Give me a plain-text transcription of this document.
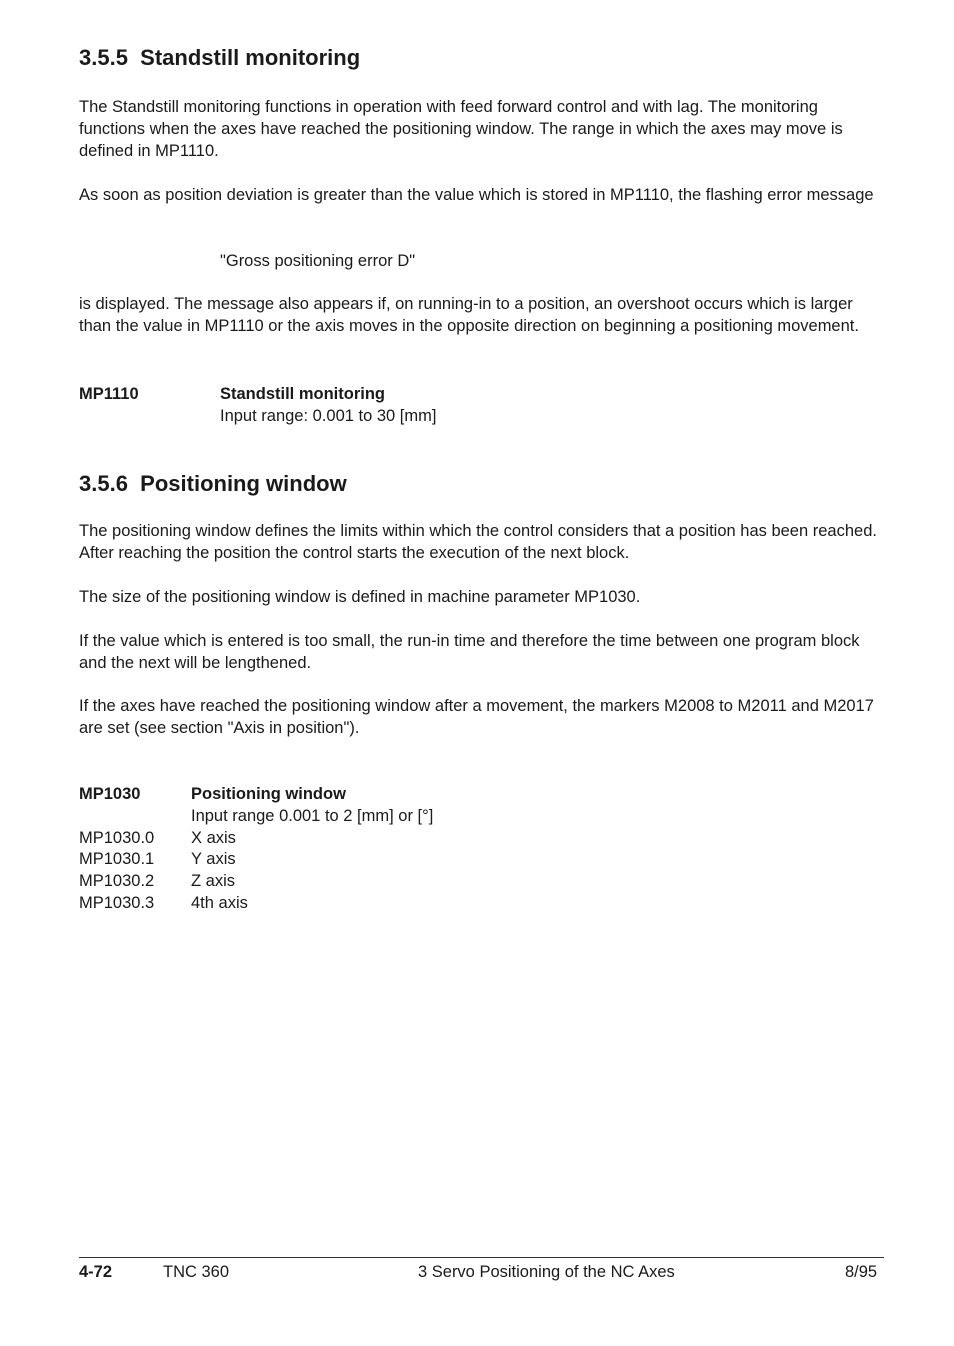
3.5.5 Standstill monitoring

The Standstill monitoring functions in operation with feed forward control and with lag. The monitoring functions when the axes have reached the positioning window. The range in which the axes may move is defined in MP1110.

As soon as position deviation is greater than the value which is stored in MP1110, the flashing error message

"Gross positioning error D"

is displayed. The message also appears if, on running-in to a position, an overshoot occurs which is larger than the value in MP1110 or the axis moves in the opposite direction on beginning a positioning movement.

MP1110	Standstill monitoring
Input range: 0.001 to 30 [mm]
3.5.6 Positioning window

The positioning window defines the limits within which the control considers that a position has been reached. After reaching the position the control starts the execution of the next block.

The size of the positioning window is defined in machine parameter MP1030.

If the value which is entered is too small, the run-in time and therefore the time between one program block and the next will be lengthened.

If the axes have reached the positioning window after a movement, the markers M2008 to M2011 and M2017 are set (see section "Axis in position").

MP1030	Positioning window
Input range 0.001 to 2 [mm] or [°]
MP1030.0 X axis
MP1030.1 Y axis
MP1030.2 Z axis
MP1030.3 4th axis
4-72	TNC 360	3 Servo Positioning of the NC Axes	8/95
